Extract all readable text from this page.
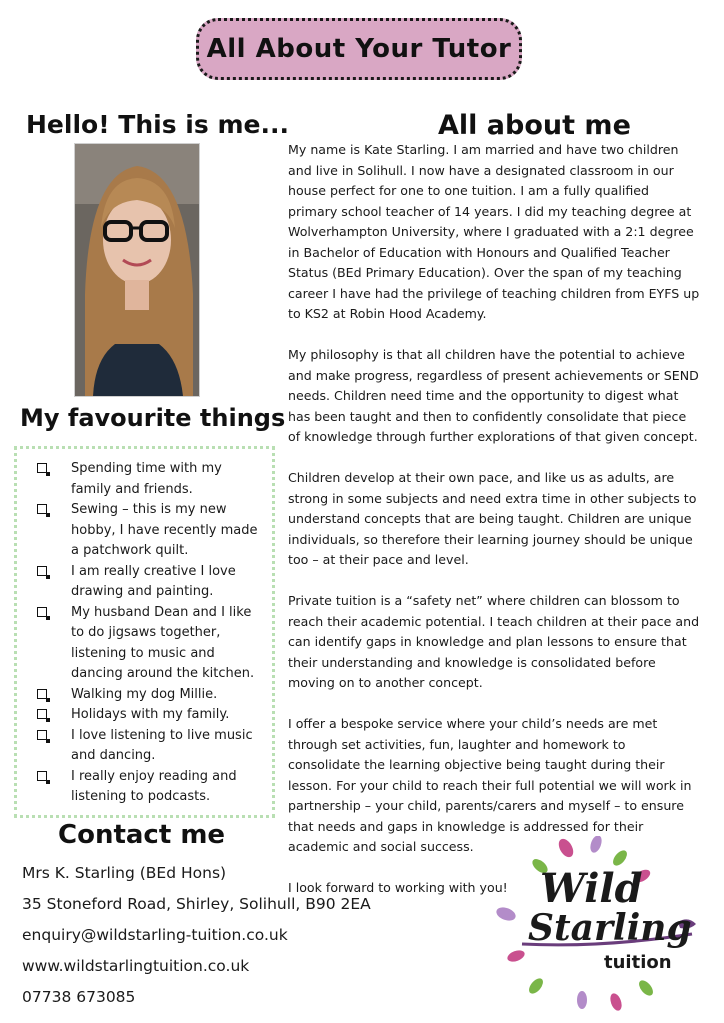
All About Your Tutor
Hello! This is me...	All about me
My favourite things
Spending time with my family and friends.
Sewing – this is my new hobby, I have recently made a patchwork quilt.
I am really creative I love drawing and painting.
My husband Dean and I like to do jigsaws together, listening to music and dancing around the kitchen.
Walking my dog Millie.
Holidays with my family.
I love listening to live music and dancing.
I really enjoy reading and listening to podcasts.

My name is Kate Starling. I am married and have two children and live in Solihull. I now have a designated classroom in our house perfect for one to one tuition. I am a fully qualified primary school teacher of 14 years. I did my teaching degree at Wolverhampton University, where I graduated with a 2:1 degree in Bachelor of Education with Honours and Qualified Teacher Status (BEd Primary Education). Over the span of my teaching career I have had the privilege of teaching children from EYFS up to KS2 at Robin Hood Academy.

My philosophy is that all children have the potential to achieve and make progress, regardless of present achievements or SEND needs. Children need time and the opportunity to digest what has been taught and then to confidently consolidate that piece of knowledge through further explorations of that given concept.

Children develop at their own pace, and like us as adults, are strong in some subjects and need extra time in other subjects to understand concepts that are being taught. Children are unique individuals, so therefore their learning journey should be unique too – at their pace and level.

Private tuition is a “safety net” where children can blossom to reach their academic potential. I teach children at their pace and can identify gaps in knowledge and plan lessons to ensure that their understanding and knowledge is consolidated before moving on to another concept.

I offer a bespoke service where your child’s needs are met through set activities, fun, laughter and homework to consolidate the learning objective being taught during their lesson. For your child to reach their full potential we will work in partnership – your child, parents/carers and myself – to ensure that needs and gaps in knowledge is addressed for their academic and social success.

I look forward to working with you!

Contact me
Mrs K. Starling (BEd Hons)
35 Stoneford Road, Shirley, Solihull, B90 2EA
enquiry@wildstarling-tuition.co.uk
www.wildstarlingtuition.co.uk
07738 673085
Wild
Starling
tuition
